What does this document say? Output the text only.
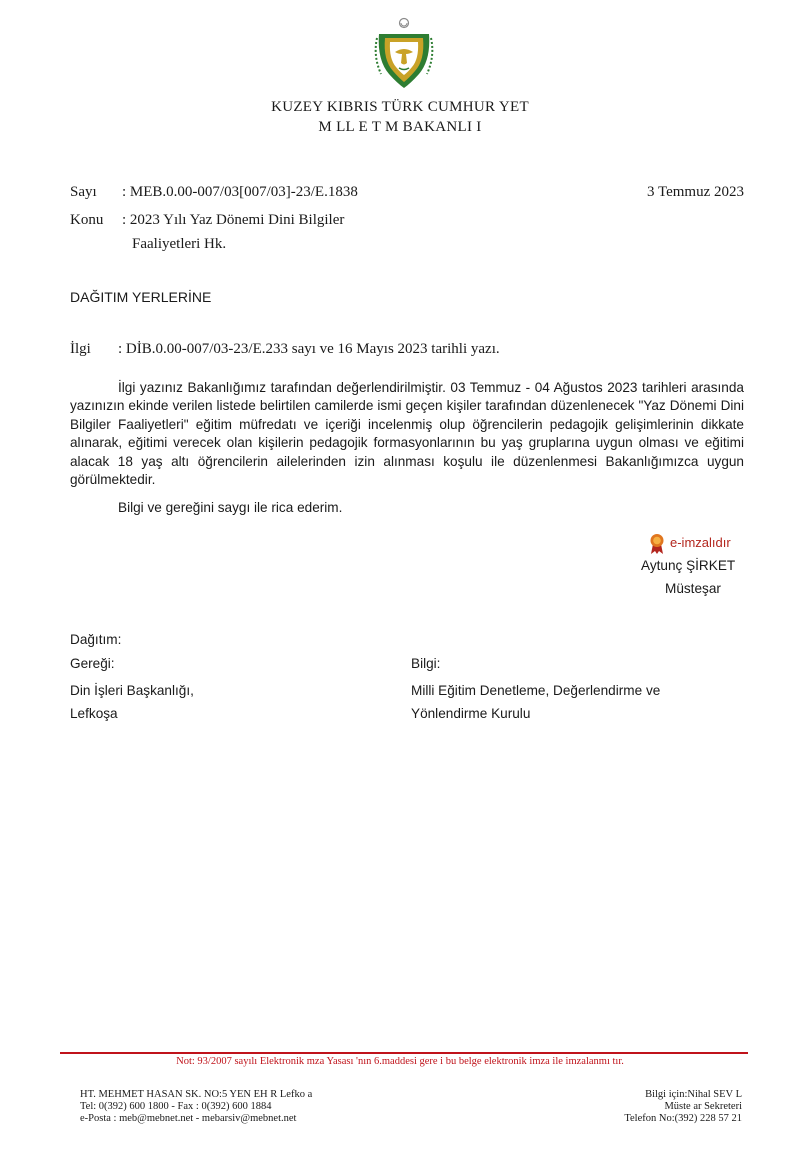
KUZEY KIBRIS TÜRK CUMHUR YET
M LL E T M BAKANLI I
Sayı : MEB.0.00-007/03[007/03]-23/E.1838	3 Temmuz 2023
Konu : 2023 Yılı Yaz Dönemi Dini Bilgiler
Faaliyetleri Hk.
DAĞITIM YERLERİNE
İlgi : DİB.0.00-007/03-23/E.233 sayı ve 16 Mayıs 2023 tarihli yazı.
İlgi yazınız Bakanlığımız tarafından değerlendirilmiştir. 03 Temmuz - 04 Ağustos 2023 tarihleri arasında yazınızın ekinde verilen listede belirtilen camilerde ismi geçen kişiler tarafından düzenlenecek "Yaz Dönemi Dini Bilgiler Faaliyetleri" eğitim müfredatı ve içeriği incelenmiş olup öğrencilerin pedagojik gelişimlerinin dikkate alınarak, eğitimi verecek olan kişilerin pedagojik formasyonlarının bu yaş gruplarına uygun olması ve eğitimi alacak 18 yaş altı öğrencilerin ailelerinden izin alınması koşulu ile düzenlenmesi Bakanlığımızca uygun görülmektedir.
Bilgi ve gereğini saygı ile rica ederim.
e-imzalıdır
Aytunç ŞİRKET
Müsteşar
Dağıtım:
Gereği:
Din İşleri Başkanlığı,
Lefkoşa
Bilgi:
Milli Eğitim Denetleme, Değerlendirme ve
Yönlendirme Kurulu
Not: 93/2007 sayılı Elektronik mza Yasası 'nın 6.maddesi gere i bu belge elektronik imza ile imzalanmı tır.
HT. MEHMET HASAN SK. NO:5 YEN EH R Lefko a
Tel: 0(392) 600 1800 - Fax : 0(392) 600 1884
e-Posta : meb@mebnet.net - mebarsiv@mebnet.net
Bilgi için:Nihal SEV L
Müste ar Sekreteri
Telefon No:(392) 228 57 21
